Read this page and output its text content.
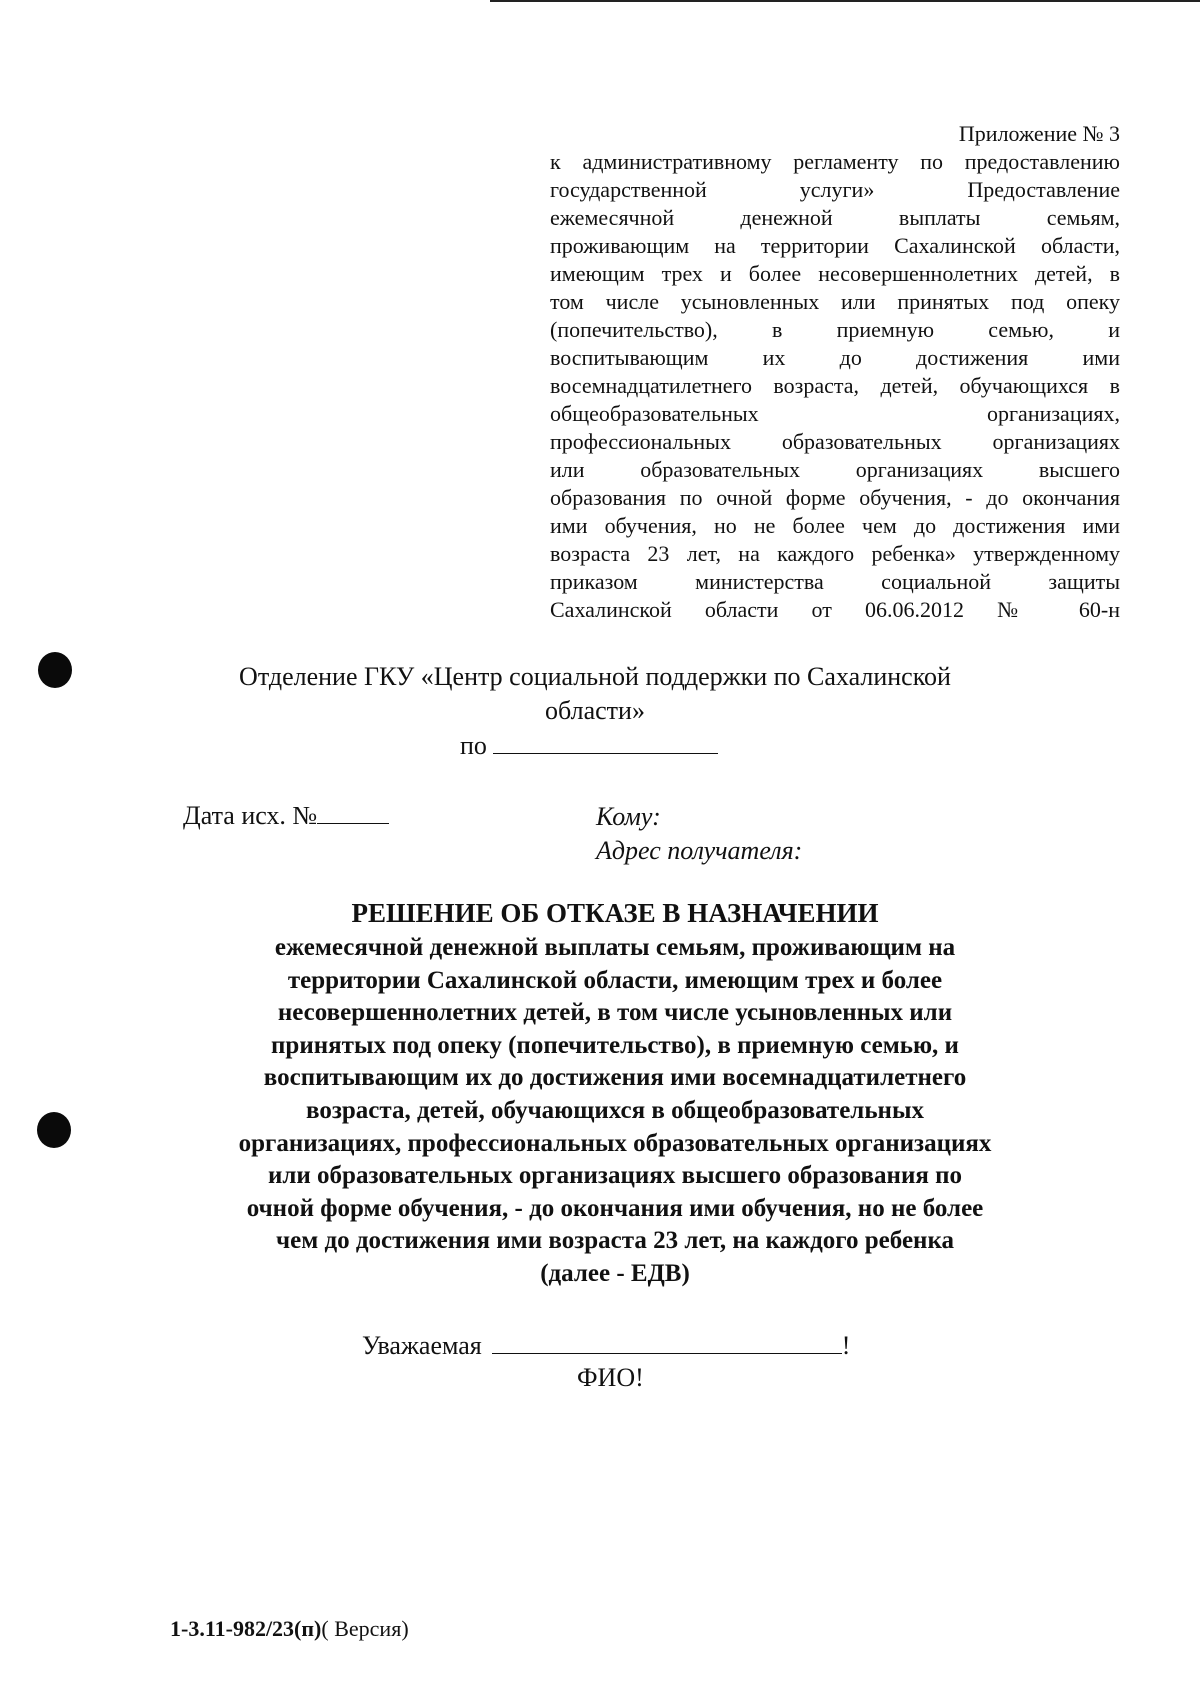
Приложение № 3
к административному регламенту по предоставлению
государственной услуги» Предоставление
ежемесячной денежной выплаты семьям,
проживающим на территории Сахалинской области,
имеющим трех и более несовершеннолетних детей, в
том числе усыновленных или принятых под опеку
(попечительство), в приемную семью, и
воспитывающим их до достижения ими
восемнадцатилетнего возраста, детей, обучающихся в
общеобразовательных организациях,
профессиональных образовательных организациях
или образовательных организациях высшего
образования по очной форме обучения, - до окончания
ими обучения, но не более чем до достижения ими
возраста 23 лет, на каждого ребенка» утвержденному
приказом министерства социальной защиты
Сахалинской области от 06.06.2012 № 60-н
Отделение ГКУ «Центр социальной поддержки по Сахалинской
области»
по
Дата исх. №	Кому:
Адрес получателя:
РЕШЕНИЕ ОБ ОТКАЗЕ В НАЗНАЧЕНИИ
ежемесячной денежной выплаты семьям, проживающим на
территории Сахалинской области, имеющим трех и более
несовершеннолетних детей, в том числе усыновленных или
принятых под опеку (попечительство), в приемную семью, и
воспитывающим их до достижения ими восемнадцатилетнего
возраста, детей, обучающихся в общеобразовательных
организациях, профессиональных образовательных организациях
или образовательных организациях высшего образования по
очной форме обучения, - до окончания ими обучения, но не более
чем до достижения ими возраста 23 лет, на каждого ребенка
(далее - ЕДВ)
Уважаемая	!
ФИО!
1-3.11-982/23(п)( Версия)
